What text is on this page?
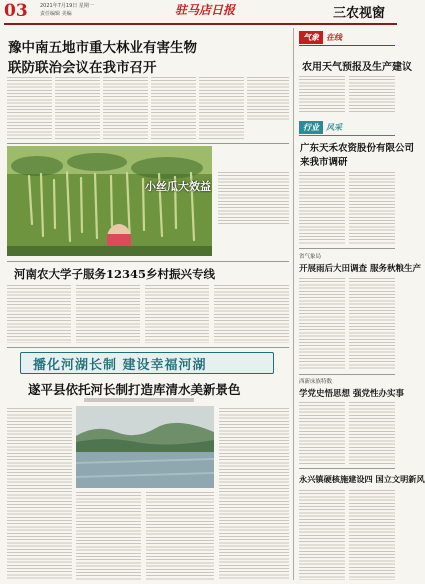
03 2021年7月19日 星期一
责任编辑 美编	驻马店日报	三农视窗
豫中南五地市重大林业有害生物
联防联治会议在我市召开
小丝瓜大效益
河南农大学子服务12345乡村振兴专线
播化河湖长制 建设幸福河湖
遂平县依托河长制打造库清水美新景色
气象 在线
农用天气预报及生产建议
行业 风采
广东天禾农资股份有限公司
来我市调研
省气象局
开展雨后大田调查 服务秋粮生产
西新床族特数
学党史悟思想 强党性办实事
永兴镇硬核施建设四 国立文明新风
